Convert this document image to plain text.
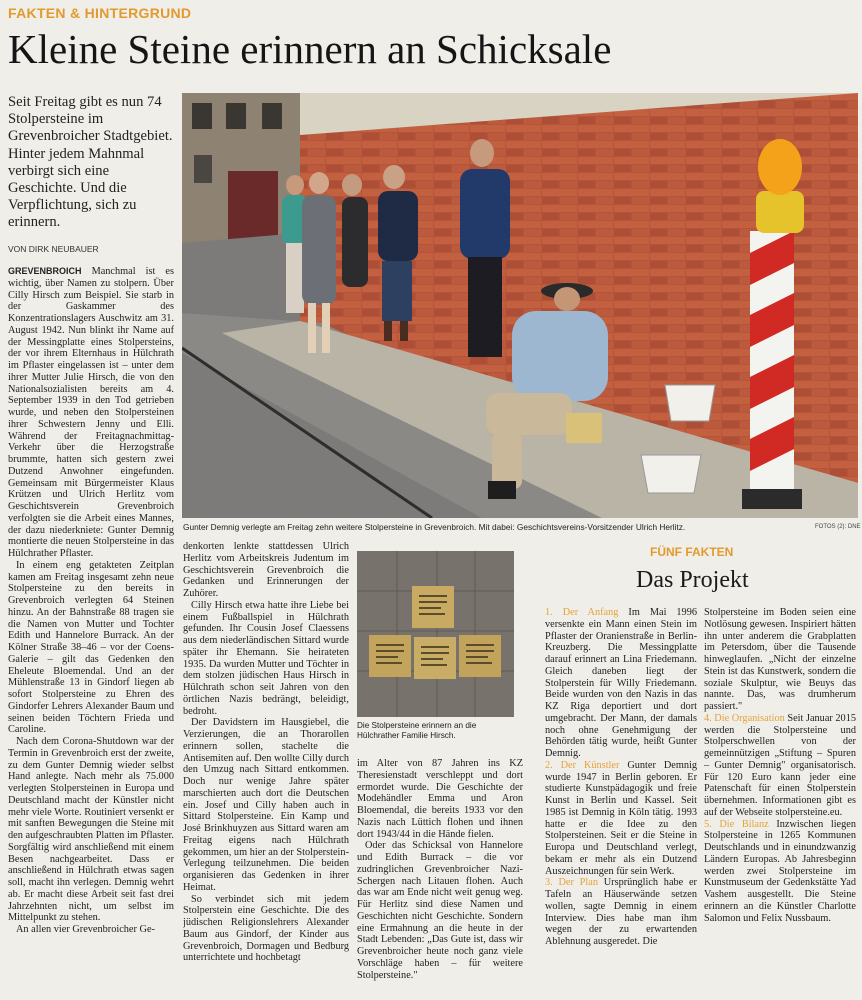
FAKTEN & HINTERGRUND
Kleine Steine erinnern an Schicksale
Seit Freitag gibt es nun 74 Stolpersteine im Grevenbroicher Stadtgebiet. Hinter jedem Mahnmal verbirgt sich eine Geschichte. Und die Verpflichtung, sich zu erinnern.
VON DIRK NEUBAUER

GREVENBROICH Manchmal ist es wichtig, über Namen zu stolpern. Über Cilly Hirsch zum Beispiel. Sie starb in der Gaskammer des Konzentrationslagers Auschwitz am 31. August 1942. Nun blinkt ihr Name auf der Messingplatte eines Stolpersteins, der vor ihrem Elternhaus in Hülchrath im Pflaster eingelassen ist – unter dem ihrer Mutter Julie Hirsch, die von den Nationalsozialisten bereits am 4. September 1939 in den Tod getrieben wurde, und neben den Stolpersteinen ihrer Schwestern Jenny und Elli. Während der Freitagnachmittag-Verkehr über die Herzogstraße brummte, hatten sich gestern zwei Dutzend Anwohner eingefunden. Gemeinsam mit Bürgermeister Klaus Krützen und Ulrich Herlitz vom Geschichtsverein Grevenbroich verfolgten sie die Arbeit eines Mannes, der dazu niederkniete: Gunter Demnig montierte die neuen Stolpersteine in das Hülchrather Pflaster.

In einem eng getakteten Zeitplan kamen am Freitag insgesamt zehn neue Stolpersteine zu den bereits in Grevenbroich verlegten 64 Steinen hinzu. An der Bahnstraße 88 tragen sie die Namen von Mutter und Tochter Edith und Hannelore Burrack. An der Kölner Straße 38–46 – vor der Coens-Galerie – gilt das Gedenken den Eheleute Bloemendal. Und an der Mühlenstraße 13 in Gindorf liegen ab sofort Stolpersteine zu Ehren des Gindorfer Lehrers Alexander Baum und seinen beiden Töchtern Frieda und Caroline.

Nach dem Corona-Shutdown war der Termin in Grevenbroich erst der zweite, zu dem Gunter Demnig wieder selbst Hand anlegte. Nach mehr als 75.000 verlegten Stolpersteinen in Europa und Deutschland macht der Künstler nicht mehr viele Worte. Routiniert versenkt er mit sanften Bewegungen die Steine mit den aufgeschraubten Platten im Pflaster. Sorgfältig wird anschließend mit einem Besen nachgearbeitet. Dass er anschließend in Hülchrath etwas sagen soll, macht ihn verlegen. Demnig wehrt ab. Er macht diese Arbeit seit fast drei Jahrzehnten nicht, um selbst im Mittelpunkt zu stehen.

An allen vier Grevenbroicher Ge-

Gunter Demnig verlegte am Freitag zehn weitere Stolpersteine in Grevenbroich. Mit dabei: Geschichtsvereins-Vorsitzender Ulrich Herlitz.	FOTOS (2): DNE

denkorten lenkte stattdessen Ulrich Herlitz vom Arbeitskreis Judentum im Geschichtsverein Grevenbroich die Gedanken und Erinnerungen der Zuhörer.

Cilly Hirsch etwa hatte ihre Liebe bei einem Fußballspiel in Hülchrath gefunden. Ihr Cousin Josef Claessens aus dem niederländischen Sittard wurde später ihr Ehemann. Sie heirateten 1935. Da wurden Mutter und Töchter in dem stolzen jüdischen Haus Hirsch in Hülchrath schon seit Jahren von den örtlichen Nazis bedrängt, beleidigt, bedroht.

Der Davidstern im Hausgiebel, die Verzierungen, die an Thorarollen erinnern sollen, stachelte die Antisemiten auf. Den wollte Cilly durch den Umzug nach Sittard entkommen. Doch nur wenige Jahre später marschierten auch dort die Deutschen ein. Josef und Cilly haben auch in Sittard Stolpersteine. Ein Kamp und José Brinkhuyzen aus Sittard waren am Freitag eigens nach Hülchrath gekommen, um hier an der Stolperstein-Verlegung teilzunehmen. Die beiden organisieren das Gedenken in ihrer Heimat.

So verbindet sich mit jedem Stolperstein eine Geschichte. Die des jüdischen Religionslehrers Alexander Baum aus Gindorf, der Kinder aus Grevenbroich, Dormagen und Bedburg unterrichtete und hochbetagt

Die Stolpersteine erinnern an die Hülchrather Familie Hirsch.

im Alter von 87 Jahren ins KZ Theresienstadt verschleppt und dort ermordet wurde. Die Geschichte der Modehändler Emma und Aron Bloemendal, die bereits 1933 vor den Nazis nach Lüttich flohen und ihnen dort 1943/44 in die Hände fielen.

Oder das Schicksal von Hannelore und Edith Burrack – die vor zudringlichen Grevenbroicher Nazi-Schergen nach Litauen flohen. Auch das war am Ende nicht weit genug weg. Für Herlitz sind diese Namen und Geschichten nicht Geschichte. Sondern eine Ermahnung an die heute in der Stadt Lebenden: „Das Gute ist, dass wir Grevenbroicher heute noch ganz viele Vorschläge haben – für weitere Stolpersteine."

FÜNF FAKTEN
Das Projekt

1. Der Anfang Im Mai 1996 versenkte ein Mann einen Stein im Pflaster der Oranienstraße in Berlin-Kreuzberg. Die Messingplatte darauf erinnert an Lina Friedemann. Gleich daneben liegt der Stolperstein für Willy Friedemann. Beide wurden von den Nazis in das KZ Riga deportiert und dort umgebracht. Der Mann, der damals noch ohne Genehmigung der Behörden tätig wurde, heißt Gunter Demnig.

2. Der Künstler Gunter Demnig wurde 1947 in Berlin geboren. Er studierte Kunstpädagogik und freie Kunst in Berlin und Kassel. Seit 1985 ist Demnig in Köln tätig. 1993 hatte er die Idee zu den Stolpersteinen. Seit er die Steine in Europa und Deutschland verlegt, bekam er mehr als ein Dutzend Auszeichnungen für sein Werk.

3. Der Plan Ursprünglich habe er Tafeln an Häuserwände setzen wollen, sagte Demnig in einem Interview. Dies habe man ihm wegen der zu erwartenden Ablehnung ausgeredet. Die

Stolpersteine im Boden seien eine Notlösung gewesen. Inspiriert hätten ihn unter anderem die Grabplatten im Petersdom, über die Tausende hinweglaufen. „Nicht der einzelne Stein ist das Kunstwerk, sondern die soziale Skulptur, wie Beuys das nannte. Das, was drumherum passiert."

4. Die Organisation Seit Januar 2015 werden die Stolpersteine und Stolperschwellen von der gemeinnützigen „Stiftung – Spuren – Gunter Demnig" organisatorisch. Für 120 Euro kann jeder eine Patenschaft für einen Stolperstein übernehmen. Informationen gibt es auf der Webseite stolpersteine.eu.

5. Die Bilanz Inzwischen liegen Stolpersteine in 1265 Kommunen Deutschlands und in einundzwanzig Ländern Europas. Ab Jahresbeginn werden zwei Stolpersteine im Kunstmuseum der Gedenkstätte Yad Vashem ausgestellt. Die Steine erinnern an die Künstler Charlotte Salomon und Felix Nussbaum.
